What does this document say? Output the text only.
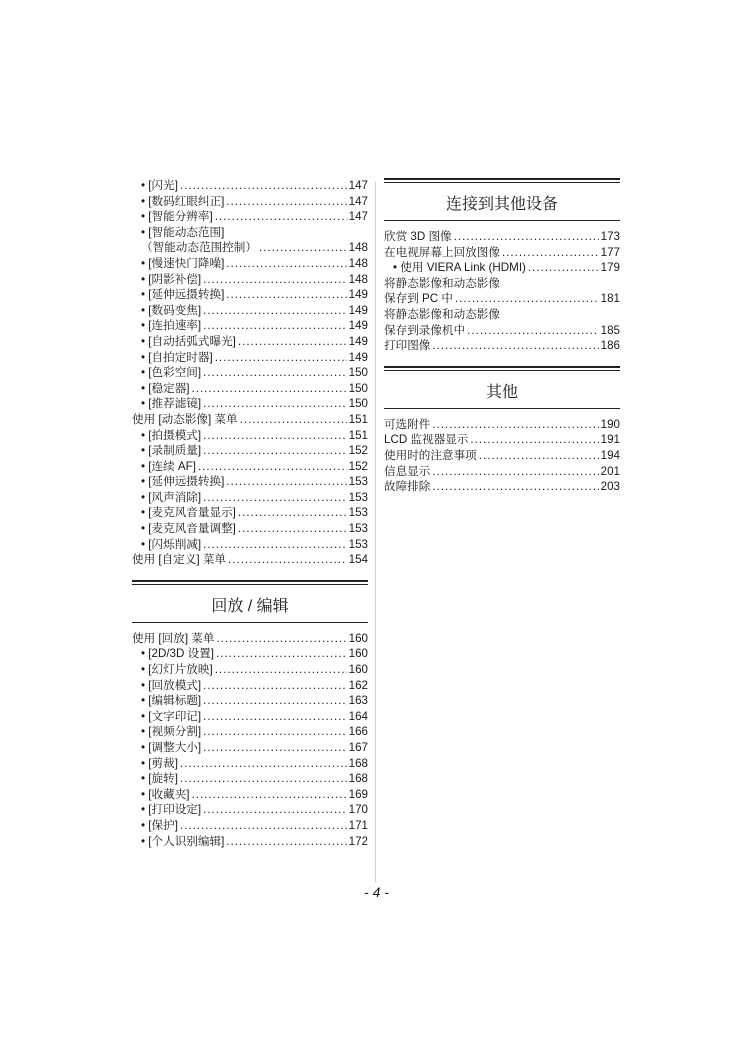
• [闪光] .....	147
• [数码红眼纠正] .....	147
• [智能分辨率] .....	147
• [智能动态范围]
（智能动态范围控制） .....	148
• [慢速快门降噪] .....	148
• [阴影补偿] .....	148
• [延伸远摄转换] .....	149
• [数码变焦] .....	149
• [连拍速率] .....	149
• [自动括弧式曝光] .....	149
• [自拍定时器] .....	149
• [色彩空间] .....	150
• [稳定器] .....	150
• [推荐滤镜] .....	150
使用 [动态影像] 菜单 .....	151
• [拍摄模式] .....	151
• [录制质量] .....	152
• [连续 AF] .....	152
• [延伸远摄转换] .....	153
• [风声消除] .....	153
• [麦克风音量显示] .....	153
• [麦克风音量调整] .....	153
• [闪烁削减] .....	153
使用 [自定义] 菜单 .....	154
回放 / 编辑
使用 [回放] 菜单 .....	160
• [2D/3D 设置] .....	160
• [幻灯片放映] .....	160
• [回放模式] .....	162
• [编辑标题] .....	163
• [文字印记] .....	164
• [视频分割] .....	166
• [调整大小] .....	167
• [剪裁] .....	168
• [旋转] .....	168
• [收藏夹] .....	169
• [打印设定] .....	170
• [保护] .....	171
• [个人识别编辑] .....	172
连接到其他设备
欣赏 3D 图像 .....	173
在电视屏幕上回放图像 .....	177
• 使用 VIERA Link (HDMI) .....	179
将静态影像和动态影像
保存到 PC 中 .....	181
将静态影像和动态影像
保存到录像机中 .....	185
打印图像 .....	186
其他
可选附件 .....	190
LCD 监视器显示 .....	191
使用时的注意事项 .....	194
信息显示 .....	201
故障排除 .....	203
- 4 -
